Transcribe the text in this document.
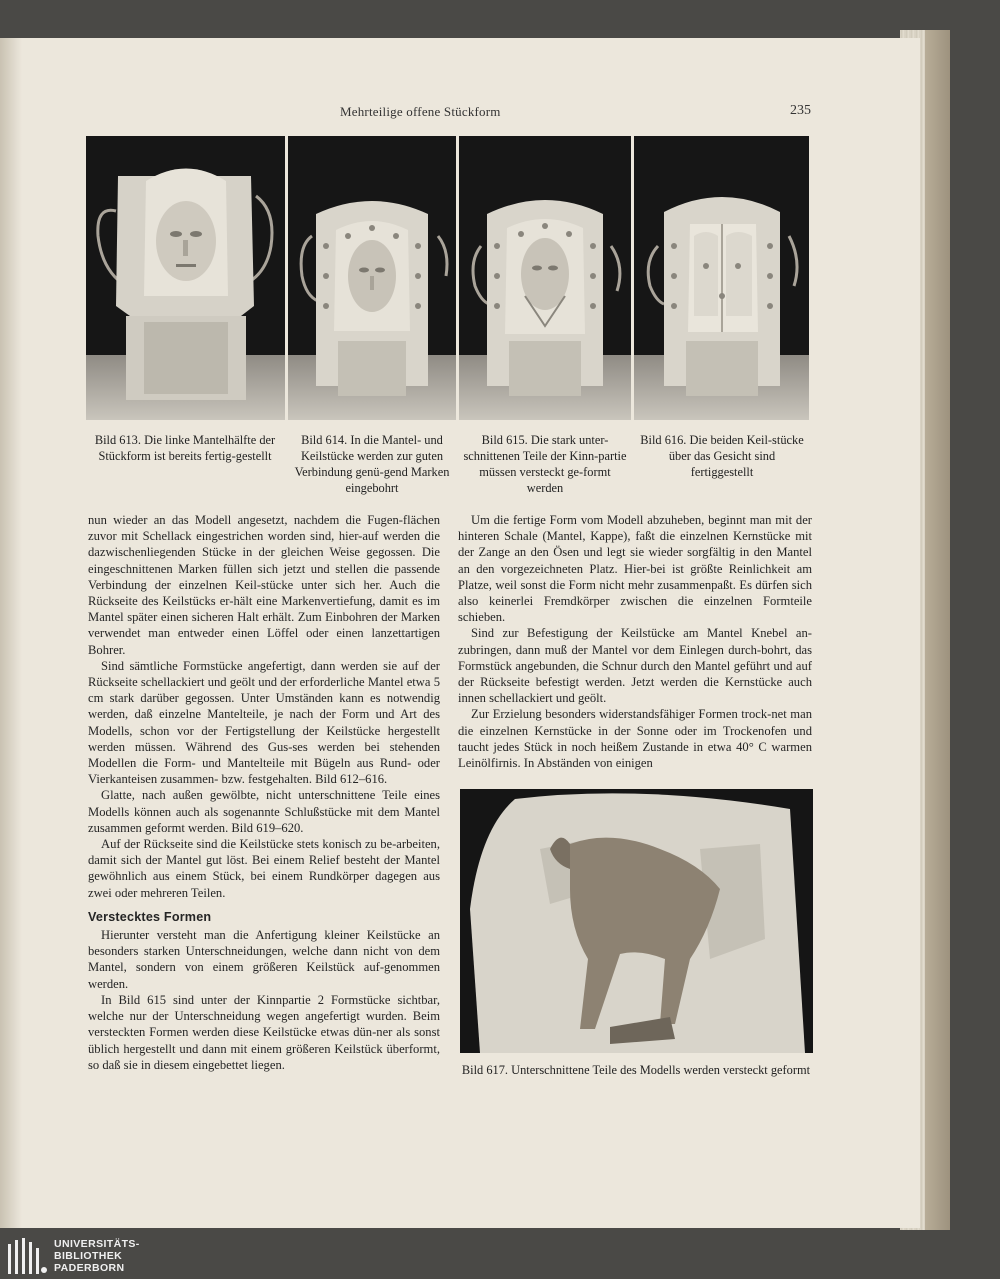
Mehrteilige offene Stückform	235
Bild 613. Die linke Mantelhälfte der Stückform ist bereits fertig-gestellt
Bild 614. In die Mantel- und Keilstücke werden zur guten Verbindung genü-gend Marken eingebohrt
Bild 615. Die stark unter-schnittenen Teile der Kinn-partie müssen versteckt ge-formt werden
Bild 616. Die beiden Keil-stücke über das Gesicht sind fertiggestellt

nun wieder an das Modell angesetzt, nachdem die Fugen-flächen zuvor mit Schellack eingestrichen worden sind, hier-auf werden die dazwischenliegenden Stücke in der gleichen Weise gegossen. Die eingeschnittenen Marken füllen sich jetzt und stellen die passende Verbindung der einzelnen Keil-stücke unter sich her. Auch die Rückseite des Keilstücks er-hält eine Markenvertiefung, damit es im Mantel später einen sicheren Halt erhält. Zum Einbohren der Marken verwendet man entweder einen Löffel oder einen lanzettartigen Bohrer.

Sind sämtliche Formstücke angefertigt, dann werden sie auf der Rückseite schellackiert und geölt und der erforderliche Mantel etwa 5 cm stark darüber gegossen. Unter Umständen kann es notwendig werden, daß einzelne Mantelteile, je nach der Form und Art des Modells, schon vor der Fertigstellung der Keilstücke hergestellt werden müssen. Während des Gus-ses werden bei stehenden Modellen die Form- und Mantelteile mit Bügeln aus Rund- oder Vierkanteisen zusammen- bzw. festgehalten. Bild 612–616.

Glatte, nach außen gewölbte, nicht unterschnittene Teile eines Modells können auch als sogenannte Schlußstücke mit dem Mantel zusammen geformt werden. Bild 619–620.

Auf der Rückseite sind die Keilstücke stets konisch zu be-arbeiten, damit sich der Mantel gut löst. Bei einem Relief besteht der Mantel gewöhnlich aus einem Stück, bei einem Rundkörper dagegen aus zwei oder mehreren Teilen.

Verstecktes Formen

Hierunter versteht man die Anfertigung kleiner Keilstücke an besonders starken Unterschneidungen, welche dann nicht von dem Mantel, sondern von einem größeren Keilstück auf-genommen werden.

In Bild 615 sind unter der Kinnpartie 2 Formstücke sichtbar, welche nur der Unterschneidung wegen angefertigt wurden. Beim versteckten Formen werden diese Keilstücke etwas dün-ner als sonst üblich hergestellt und dann mit einem größeren Keilstück überformt, so daß sie in diesem eingebettet liegen.

Um die fertige Form vom Modell abzuheben, beginnt man mit der hinteren Schale (Mantel, Kappe), faßt die einzelnen Kernstücke mit der Zange an den Ösen und legt sie wieder sorgfältig in den Mantel an den vorgezeichneten Platz. Hier-bei ist größte Reinlichkeit am Platze, weil sonst die Form nicht mehr zusammenpaßt. Es dürfen sich also keinerlei Fremdkörper zwischen die einzelnen Formteile schieben.

Sind zur Befestigung der Keilstücke am Mantel Knebel an-zubringen, dann muß der Mantel vor dem Einlegen durch-bohrt, das Formstück angebunden, die Schnur durch den Mantel geführt und auf der Rückseite befestigt werden. Jetzt werden die Kernstücke auch innen schellackiert und geölt.

Zur Erzielung besonders widerstandsfähiger Formen trock-net man die einzelnen Kernstücke in der Sonne oder im Trockenofen und taucht jedes Stück in noch heißem Zustande in etwa 40° C warmen Leinölfirnis. In Abständen von einigen

Bild 617. Unterschnittene Teile des Modells werden versteckt geformt
UNIVERSITÄTS-
BIBLIOTHEK
PADERBORN
